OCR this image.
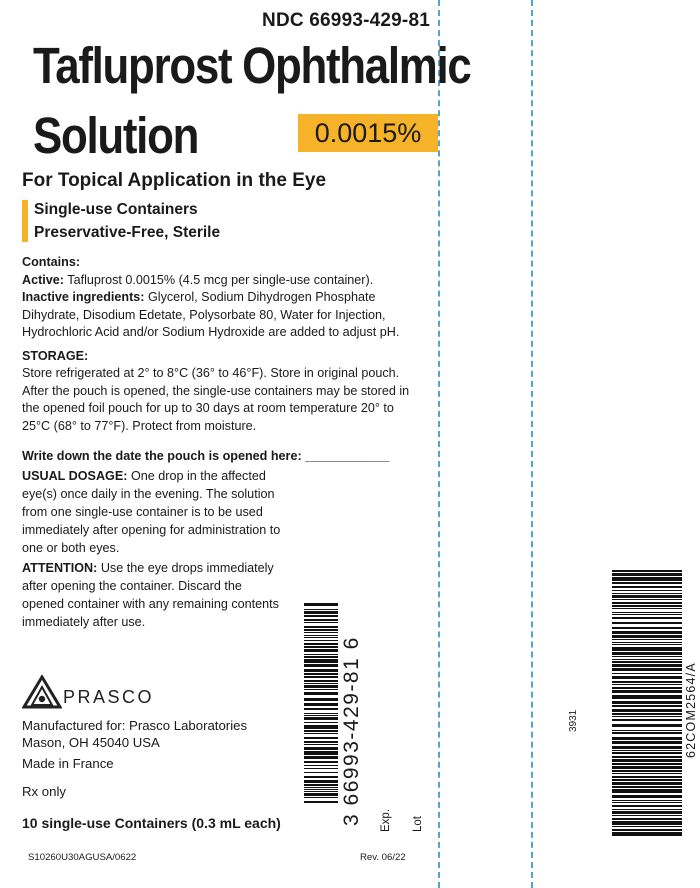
NDC 66993-429-81
Tafluprost Ophthalmic
Solution	0.0015%
For Topical Application in the Eye
Single-use Containers
Preservative-Free, Sterile

Contains:

Active: Tafluprost 0.0015% (4.5 mcg per single-use container).

Inactive ingredients: Glycerol, Sodium Dihydrogen Phosphate Dihydrate, Disodium Edetate, Polysorbate 80, Water for Injection, Hydrochloric Acid and/or Sodium Hydroxide are added to adjust pH.

STORAGE:

Store refrigerated at 2° to 8°C (36° to 46°F). Store in original pouch. After the pouch is opened, the single-use containers may be stored in the opened foil pouch for up to 30 days at room temperature 20° to 25°C (68° to 77°F). Protect from moisture.

Write down the date the pouch is opened here: ____________

USUAL DOSAGE: One drop in the affected eye(s) once daily in the evening. The solution from one single-use container is to be used immediately after opening for administration to one or both eyes.

ATTENTION: Use the eye drops immediately after opening the container. Discard the opened container with any remaining contents immediately after use.

PRASCO
Manufactured for: Prasco Laboratories
Mason, OH 45040 USA
Made in France
Rx only
10 single-use Containers (0.3 mL each)
S10260U30AGUSA/0622	Rev. 06/22
3 66993-429-81 6 Exp. Lot
3931	62COM2564/A
